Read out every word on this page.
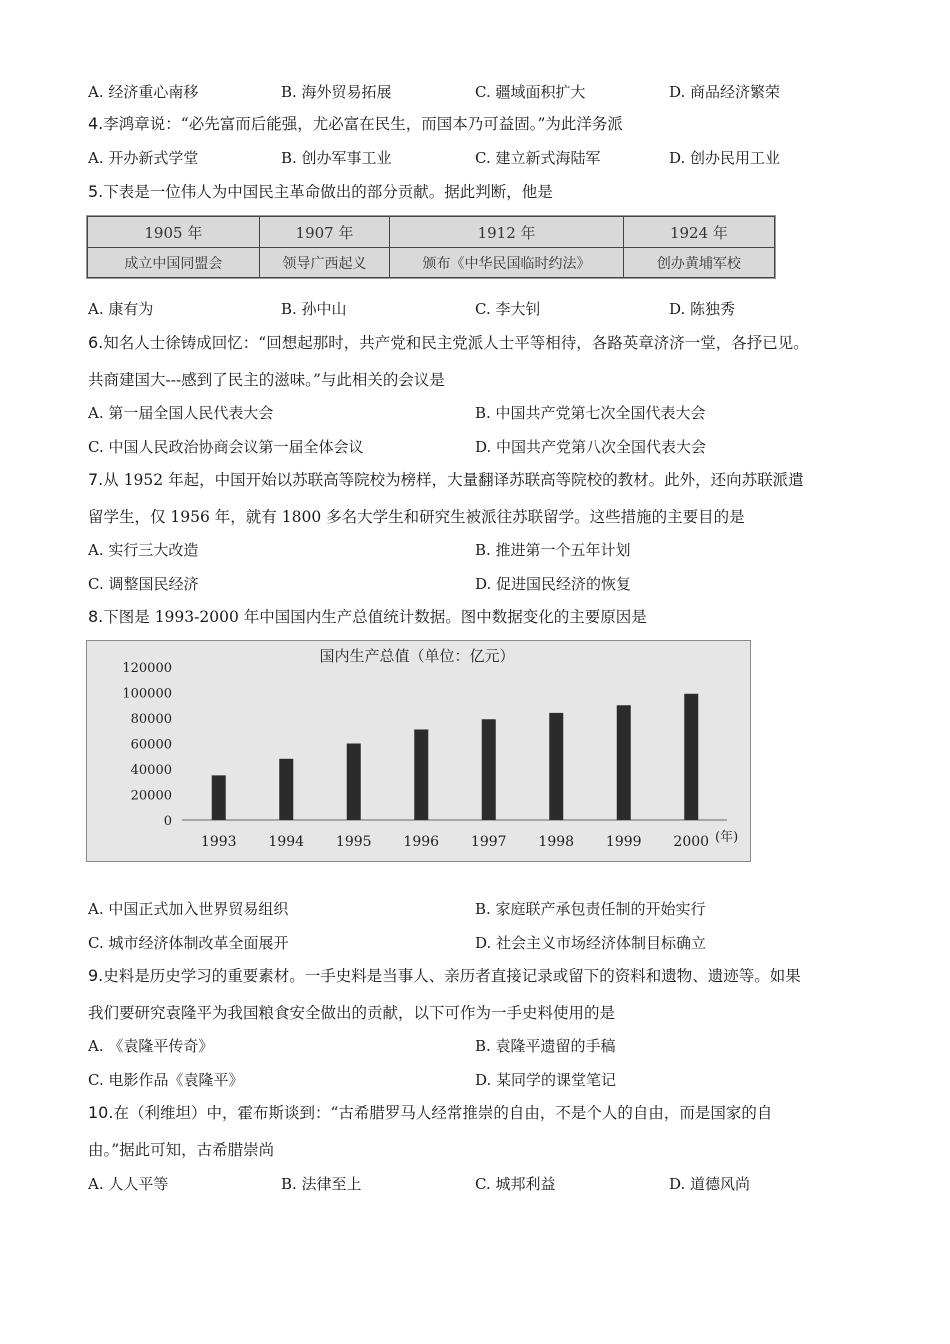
A. 经济重心南移	B. 海外贸易拓展	C. 疆域面积扩大	D. 商品经济繁荣
4.李鸿章说：“必先富而后能强，尤必富在民生，而国本乃可益固。”为此洋务派
A. 开办新式学堂	B. 创办军事工业	C. 建立新式海陆军	D. 创办民用工业
5.下表是一位伟人为中国民主革命做出的部分贡献。据此判断，他是
1905 年	1907 年	1912 年	1924 年
成立中国同盟会	领导广西起义	颁布《中华民国临时约法》	创办黄埔军校
A. 康有为	B. 孙中山	C. 李大钊	D. 陈独秀
6.知名人士徐铸成回忆：“回想起那时，共产党和民主党派人士平等相待，各路英章济济一堂，各抒已见。
共商建国大---感到了民主的滋味。”与此相关的会议是
A. 第一届全国人民代表大会	B. 中国共产党第七次全国代表大会
C. 中国人民政治协商会议第一届全体会议	D. 中国共产党第八次全国代表大会
7.从 1952 年起，中国开始以苏联高等院校为榜样，大量翻译苏联高等院校的教材。此外，还向苏联派遣
留学生，仅 1956 年，就有 1800 多名大学生和研究生被派往苏联留学。这些措施的主要目的是
A. 实行三大改造	B. 推进第一个五年计划
C. 调整国民经济	D. 促进国民经济的恢复
8.下图是 1993-2000 年中国国内生产总值统计数据。图中数据变化的主要原因是
国内生产总值（单位：亿元）
120000
100000
80000
60000
40000
20000
0
1993 1994 1995 1996 1997 1998 1999 2000 (年)
A. 中国正式加入世界贸易组织	B. 家庭联产承包责任制的开始实行
C. 城市经济体制改革全面展开	D. 社会主义市场经济体制目标确立
9.史料是历史学习的重要素材。一手史料是当事人、亲历者直接记录或留下的资料和遗物、遗迹等。如果
我们要研究袁隆平为我国粮食安全做出的贡献，以下可作为一手史料使用的是
A. 《袁隆平传奇》	B. 袁隆平遗留的手稿
C. 电影作品《袁隆平》	D. 某同学的课堂笔记
10.在（利维坦）中，霍布斯谈到：“古希腊罗马人经常推崇的自由，不是个人的自由，而是国家的自
由。”据此可知，古希腊崇尚
A. 人人平等	B. 法律至上	C. 城邦利益	D. 道德风尚
